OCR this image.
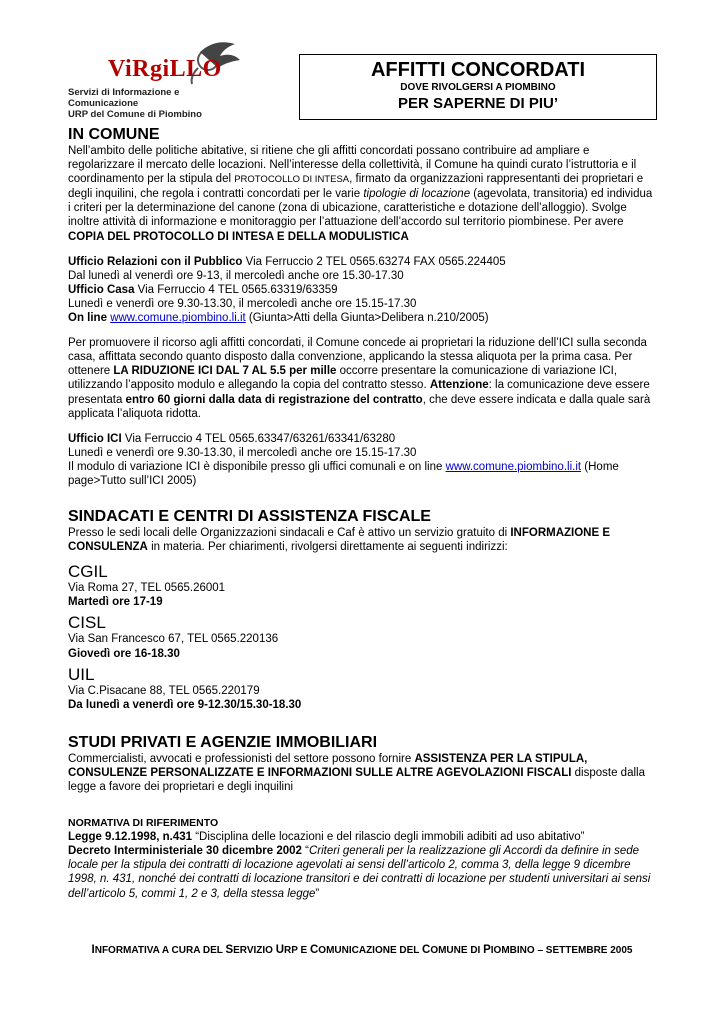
ViRgiLLO
Servizi di Informazione e Comunicazione
URP del Comune di Piombino
AFFITTI CONCORDATI
DOVE RIVOLGERSI A PIOMBINO
PER SAPERNE DI PIU’
IN COMUNE

Nell’ambito delle politiche abitative, si ritiene che gli affitti concordati possano contribuire ad ampliare e regolarizzare il mercato delle locazioni. Nell’interesse della collettività, il Comune ha quindi curato l’istruttoria e il coordinamento per la stipula del PROTOCOLLO DI INTESA, firmato da organizzazioni rappresentanti dei proprietari e degli inquilini, che regola i contratti concordati per le varie tipologie di locazione (agevolata, transitoria) ed individua i criteri per la determinazione del canone (zona di ubicazione, caratteristiche e dotazione dell’alloggio). Svolge inoltre attività di informazione e monitoraggio per l’attuazione dell’accordo sul territorio piombinese. Per avere COPIA DEL PROTOCOLLO DI INTESA E DELLA MODULISTICA

Ufficio Relazioni con il Pubblico Via Ferruccio 2 TEL 0565.63274 FAX 0565.224405

Dal lunedì al venerdì ore 9-13, il mercoledì anche ore 15.30-17.30

Ufficio Casa Via Ferruccio 4 TEL 0565.63319/63359

Lunedì e venerdì ore 9.30-13.30, il mercoledì anche ore 15.15-17.30

On line www.comune.piombino.li.it (Giunta>Atti della Giunta>Delibera n.210/2005)

Per promuovere il ricorso agli affitti concordati, il Comune concede ai proprietari la riduzione dell’ICI sulla seconda casa, affittata secondo quanto disposto dalla convenzione, applicando la stessa aliquota per la prima casa. Per ottenere LA RIDUZIONE ICI DAL 7 AL 5.5 per mille occorre presentare la comunicazione di variazione ICI, utilizzando l’apposito modulo e allegando la copia del contratto stesso. Attenzione: la comunicazione deve essere presentata entro 60 giorni dalla data di registrazione del contratto, che deve essere indicata e dalla quale sarà applicata l’aliquota ridotta.

Ufficio ICI Via Ferruccio 4 TEL 0565.63347/63261/63341/63280

Lunedì e venerdì ore 9.30-13.30, il mercoledì anche ore 15.15-17.30

Il modulo di variazione ICI è disponibile presso gli uffici comunali e on line www.comune.piombino.li.it (Home page>Tutto sull’ICI 2005)

SINDACATI E CENTRI DI ASSISTENZA FISCALE

Presso le sedi locali delle Organizzazioni sindacali e Caf è attivo un servizio gratuito di INFORMAZIONE E CONSULENZA in materia. Per chiarimenti, rivolgersi direttamente ai seguenti indirizzi:

CGIL

Via Roma 27, TEL 0565.26001

Martedì ore 17-19

CISL

Via San Francesco 67, TEL 0565.220136

Giovedì ore 16-18.30

UIL

Via C.Pisacane 88, TEL 0565.220179

Da lunedì a venerdì ore 9-12.30/15.30-18.30

STUDI PRIVATI E AGENZIE IMMOBILIARI

Commercialisti, avvocati e professionisti del settore possono fornire ASSISTENZA PER LA STIPULA, CONSULENZE PERSONALIZZATE E INFORMAZIONI SULLE ALTRE AGEVOLAZIONI FISCALI disposte dalla legge a favore dei proprietari e degli inquilini

NORMATIVA DI RIFERIMENTO

Legge 9.12.1998, n.431 “Disciplina delle locazioni e del rilascio degli immobili adibiti ad uso abitativo”

Decreto Interministeriale 30 dicembre 2002 “Criteri generali per la realizzazione gli Accordi da definire in sede locale per la stipula dei contratti di locazione agevolati ai sensi dell’articolo 2, comma 3, della legge 9 dicembre 1998, n. 431, nonché dei contratti di locazione transitori e dei contratti di locazione per studenti universitari ai sensi dell’articolo 5, commi 1, 2 e 3, della stessa legge”

INFORMATIVA A CURA DEL SERVIZIO URP E COMUNICAZIONE DEL COMUNE DI PIOMBINO – SETTEMBRE 2005
